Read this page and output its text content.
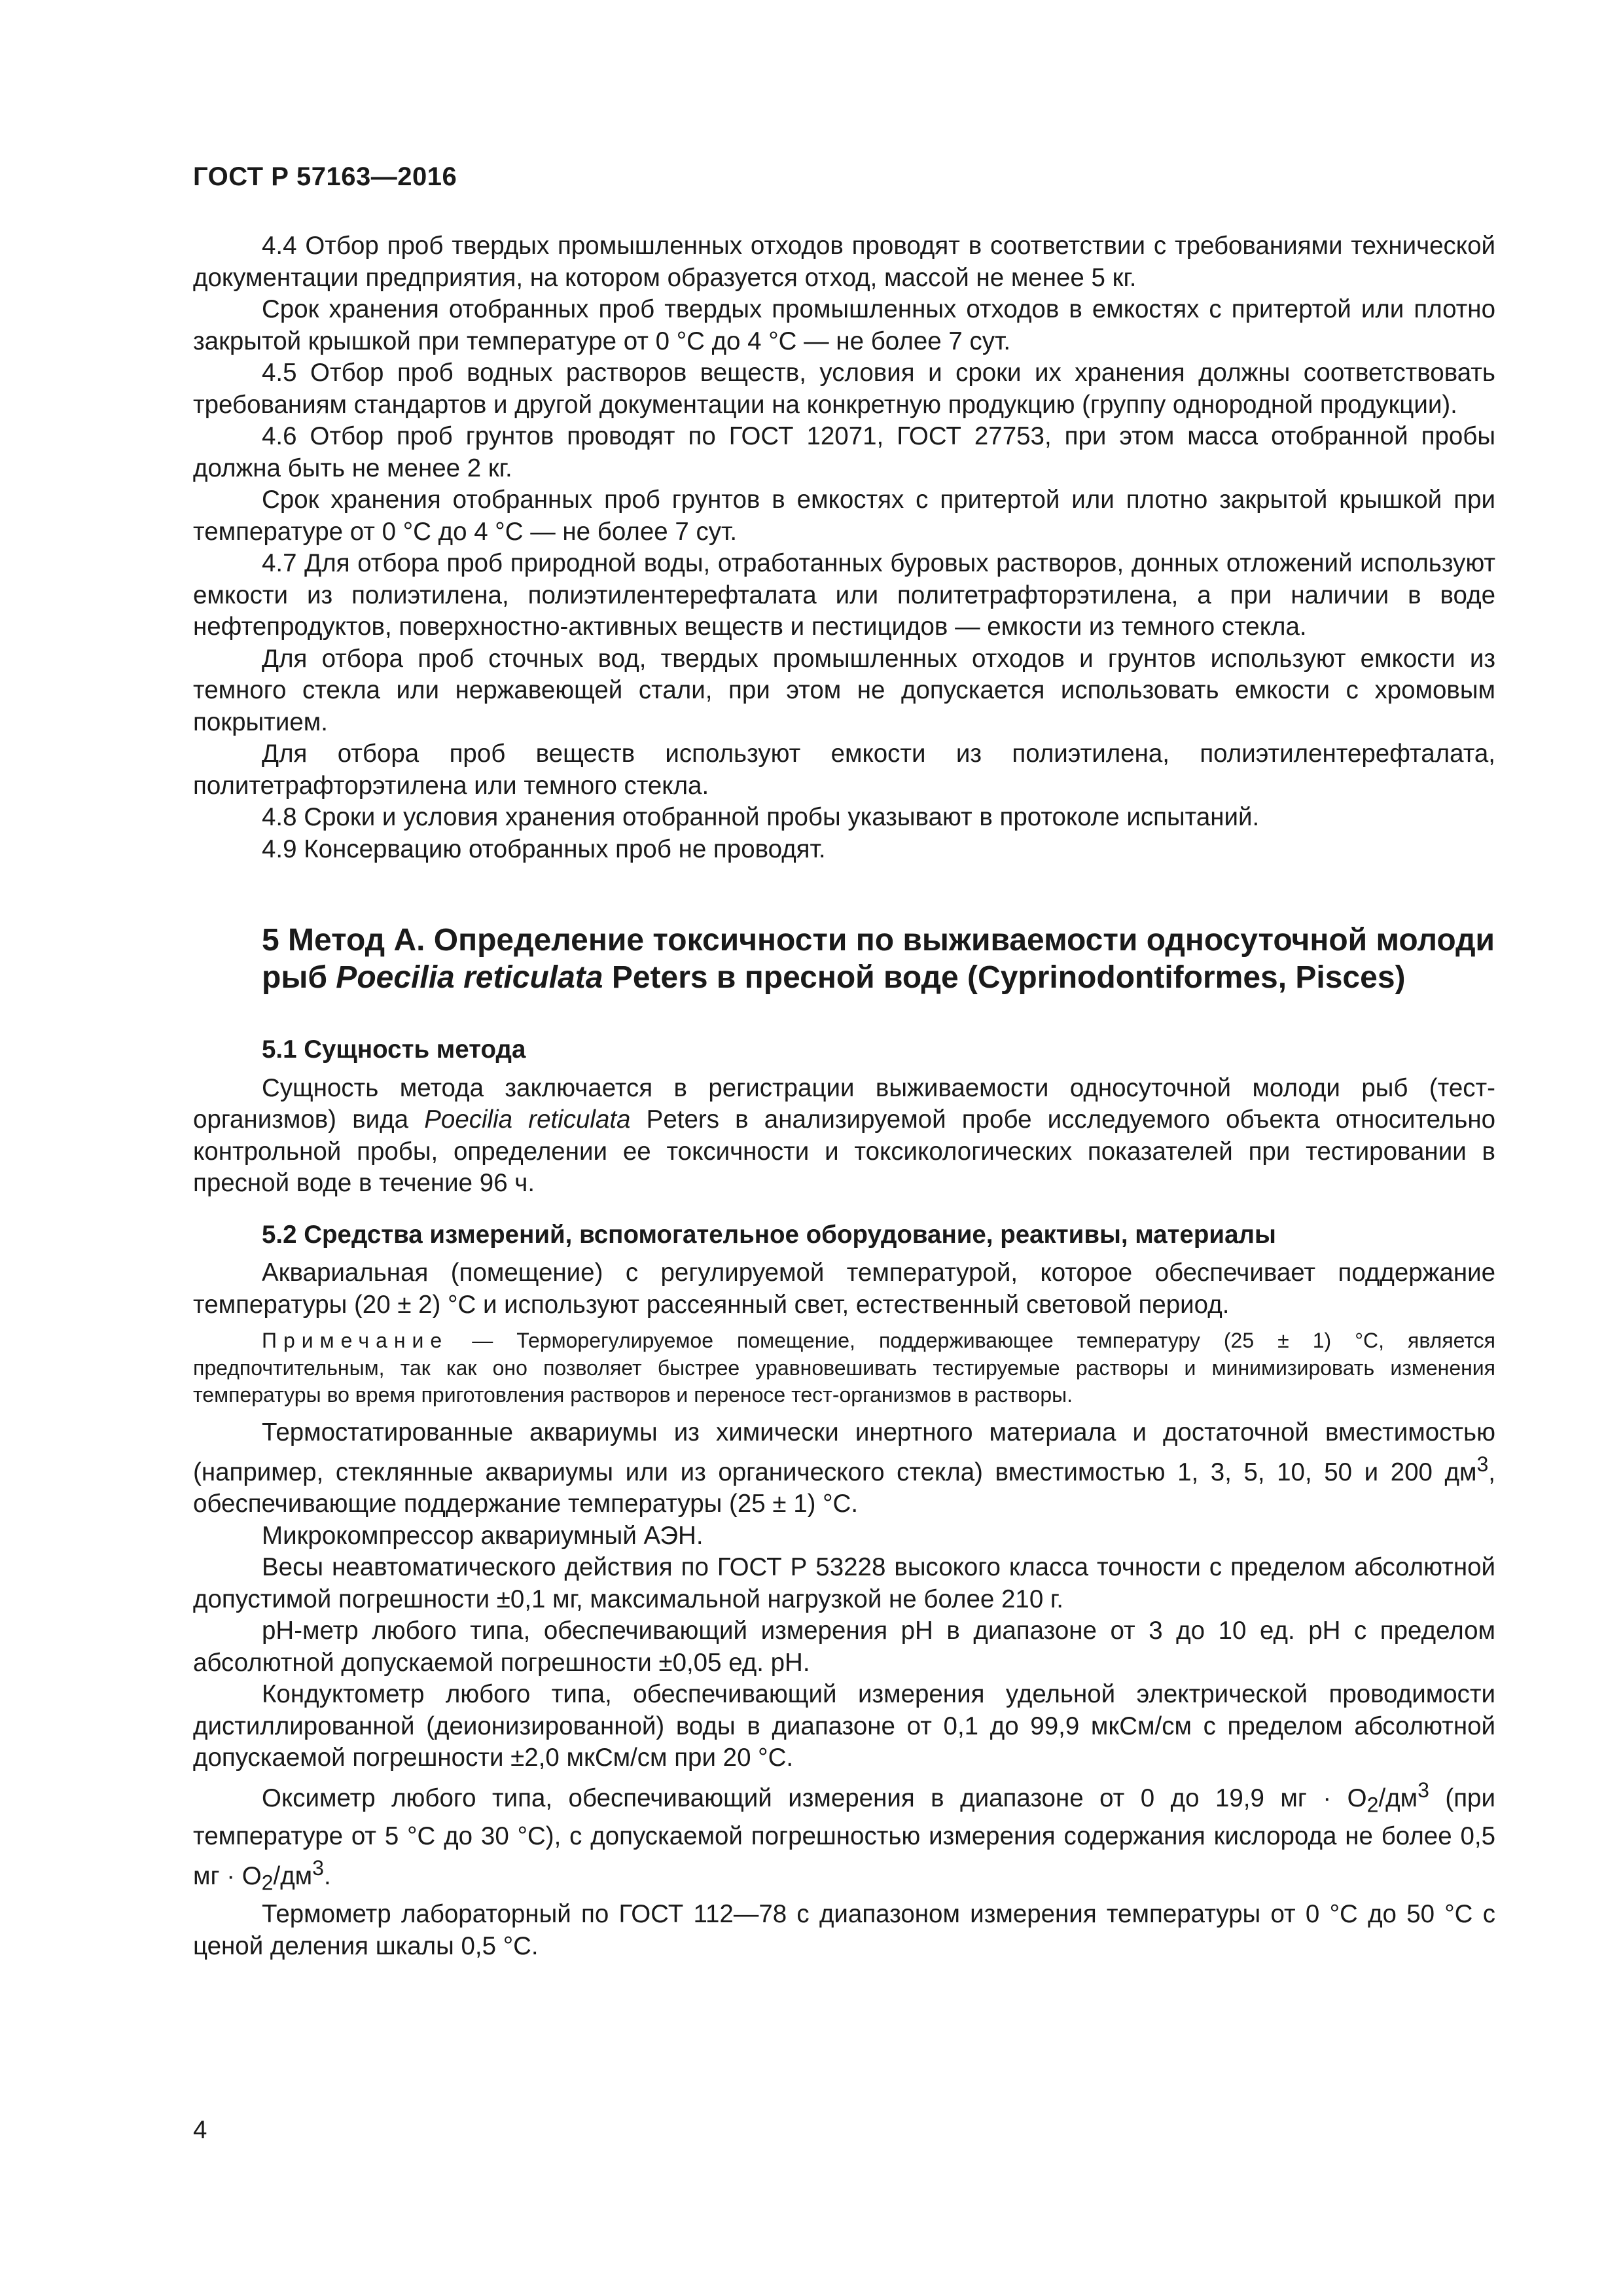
ГОСТ Р 57163—2016

4.4 Отбор проб твердых промышленных отходов проводят в соответствии с требованиями технической документации предприятия, на котором образуется отход, массой не менее 5 кг.

Срок хранения отобранных проб твердых промышленных отходов в емкостях с притертой или плотно закрытой крышкой при температуре от 0 °С до 4 °С — не более 7 сут.

4.5 Отбор проб водных растворов веществ, условия и сроки их хранения должны соответствовать требованиям стандартов и другой документации на конкретную продукцию (группу однородной продукции).

4.6 Отбор проб грунтов проводят по ГОСТ 12071, ГОСТ 27753, при этом масса отобранной пробы должна быть не менее 2 кг.

Срок хранения отобранных проб грунтов в емкостях с притертой или плотно закрытой крышкой при температуре от 0 °С до 4 °С — не более 7 сут.

4.7 Для отбора проб природной воды, отработанных буровых растворов, донных отложений используют емкости из полиэтилена, полиэтилентерефталата или политетрафторэтилена, а при наличии в воде нефтепродуктов, поверхностно-активных веществ и пестицидов — емкости из темного стекла.

Для отбора проб сточных вод, твердых промышленных отходов и грунтов используют емкости из темного стекла или нержавеющей стали, при этом не допускается использовать емкости с хромовым покрытием.

Для отбора проб веществ используют емкости из полиэтилена, полиэтилентерефталата, политетрафторэтилена или темного стекла.

4.8 Сроки и условия хранения отобранной пробы указывают в протоколе испытаний.

4.9 Консервацию отобранных проб не проводят.

5 Метод А. Определение токсичности по выживаемости односуточной молоди рыб Poecilia reticulata Peters в пресной воде (Cyprinodontiformes, Pisces)
5.1 Сущность метода

Сущность метода заключается в регистрации выживаемости односуточной молоди рыб (тест-организмов) вида Poecilia reticulata Peters в анализируемой пробе исследуемого объекта относительно контрольной пробы, определении ее токсичности и токсикологических показателей при тестировании в пресной воде в течение 96 ч.

5.2 Средства измерений, вспомогательное оборудование, реактивы, материалы

Аквариальная (помещение) с регулируемой температурой, которое обеспечивает поддержание температуры (20 ± 2) °С и используют рассеянный свет, естественный световой период.

Примечание — Терморегулируемое помещение, поддерживающее температуру (25 ± 1) °С, является предпочтительным, так как оно позволяет быстрее уравновешивать тестируемые растворы и минимизировать изменения температуры во время приготовления растворов и переносе тест-организмов в растворы.

Термостатированные аквариумы из химически инертного материала и достаточной вместимостью (например, стеклянные аквариумы или из органического стекла) вместимостью 1, 3, 5, 10, 50 и 200 $дм^3$, обеспечивающие поддержание температуры (25 ± 1) °С.

Микрокомпрессор аквариумный АЭН.

Весы неавтоматического действия по ГОСТ Р 53228 высокого класса точности с пределом абсолютной допустимой погрешности ±0,1 мг, максимальной нагрузкой не более 210 г.

рН-метр любого типа, обеспечивающий измерения рН в диапазоне от 3 до 10 ед. рН с пределом абсолютной допускаемой погрешности ±0,05 ед. рН.

Кондуктометр любого типа, обеспечивающий измерения удельной электрической проводимости дистиллированной (деионизированной) воды в диапазоне от 0,1 до 99,9 мкСм/см с пределом абсолютной допускаемой погрешности ±2,0 мкСм/см при 20 °С.

Оксиметр любого типа, обеспечивающий измерения в диапазоне от 0 до 19,9 мг · $O_2/дм^3$ (при температуре от 5 °С до 30 °С), с допускаемой погрешностью измерения содержания кислорода не более 0,5 мг · $O_2/дм^3$.

Термометр лабораторный по ГОСТ 112—78 с диапазоном измерения температуры от 0 °С до 50 °С с ценой деления шкалы 0,5 °С.

4
